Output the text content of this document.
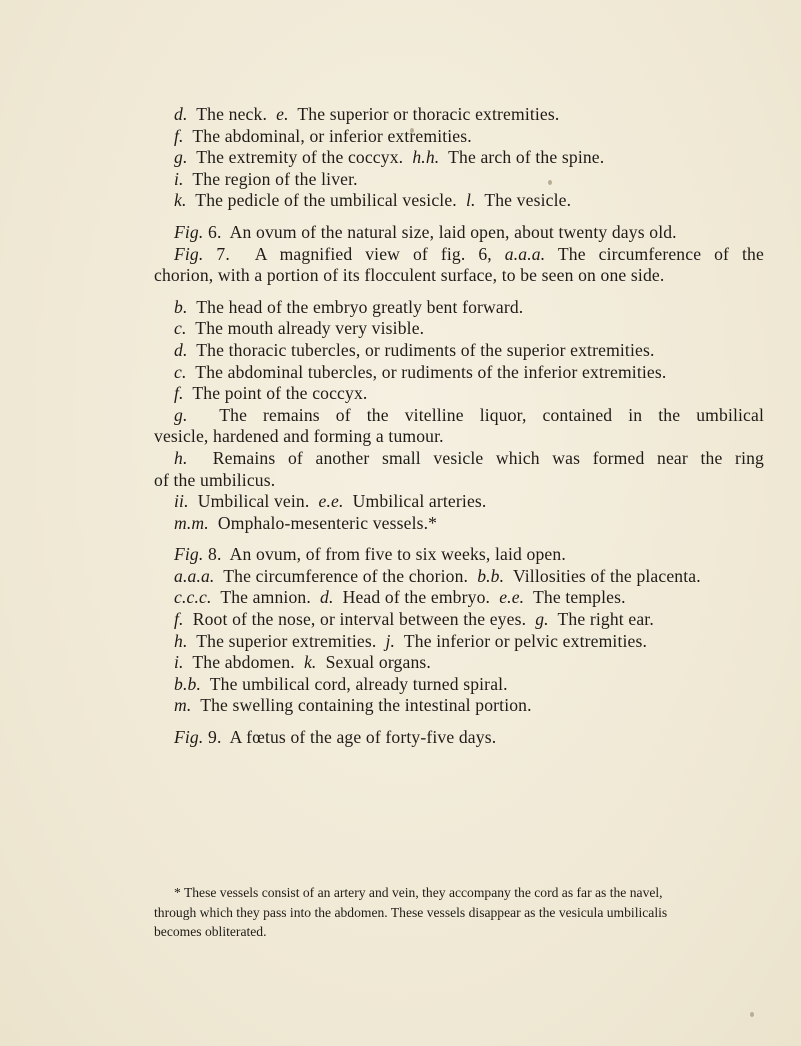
d. The neck. e. The superior or thoracic extremities.
f. The abdominal, or inferior extremities.
g. The extremity of the coccyx. h.h. The arch of the spine.
i. The region of the liver.
k. The pedicle of the umbilical vesicle. l. The vesicle.
Fig. 6. An ovum of the natural size, laid open, about twenty days old.
Fig. 7. A magnified view of fig. 6, a.a.a. The circumference of the
chorion, with a portion of its flocculent surface, to be seen on one side.
b. The head of the embryo greatly bent forward.
c. The mouth already very visible.
d. The thoracic tubercles, or rudiments of the superior extremities.
c. The abdominal tubercles, or rudiments of the inferior extremities.
f. The point of the coccyx.
g. The remains of the vitelline liquor, contained in the umbilical
vesicle, hardened and forming a tumour.
h. Remains of another small vesicle which was formed near the ring
of the umbilicus.
ii. Umbilical vein. e.e. Umbilical arteries.
m.m. Omphalo-mesenteric vessels.*
Fig. 8. An ovum, of from five to six weeks, laid open.
a.a.a. The circumference of the chorion. b.b. Villosities of the placenta.
c.c.c. The amnion. d. Head of the embryo. e.e. The temples.
f. Root of the nose, or interval between the eyes. g. The right ear.
h. The superior extremities. j. The inferior or pelvic extremities.
i. The abdomen. k. Sexual organs.
b.b. The umbilical cord, already turned spiral.
m. The swelling containing the intestinal portion.
Fig. 9. A fœtus of the age of forty-five days.
* These vessels consist of an artery and vein, they accompany the cord as far as the navel,
through which they pass into the abdomen. These vessels disappear as the vesicula umbilicalis
becomes obliterated.
